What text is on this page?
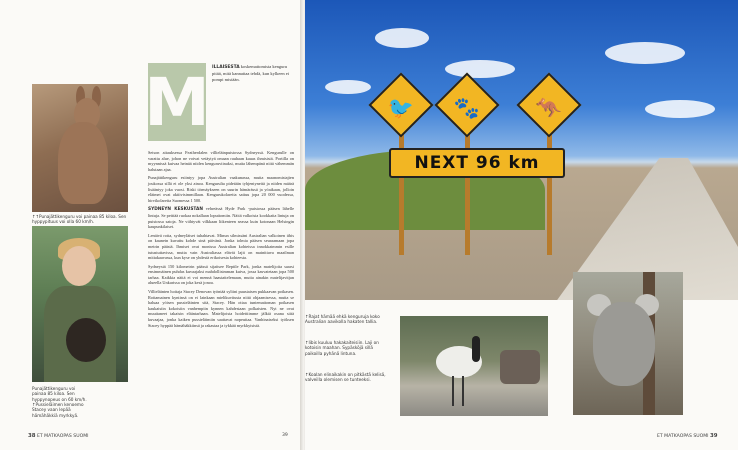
↑↑Punajättikenguru voi painaa 85 kiloa. Sen hyppypituus voi olla 60 km/h.
Punajättikenguru voi painaa 85 kiloa. Sen hyppynopeus on 60 km/h.
↑Pussieläimen kenoemo Stacey vaan lepää hämähäkkiä myrkkyä.
M ILLAISESTA koskemattomista kenguru pitää, mitä kannattaa tehdä, kun kylkeen ei pompi mistään.

Seison aitauksessa Featherdalen villieläinpuistossa Sydneyssä. Kengurulle on varattu alue, johon ne voivat vetäytyä omaan rauhaan kauas ihmisistä. Portilla on myynnissä kuivaa heinää niiden kenguruviinaksi, mutta lähempänä niitä vähemmän halutaan ajaa.

Punajättikenguru esiintyy jopa Australian vaakunassa, mutta maanomistajien joukossa sillä ei ole yksi ainoa. Kengurulta pidetään tyhjentyneitä ja niiden määrä lisääntyy joka vuosi. Riski törmäykseen on suurin hämärässä ja yöaikaan, jolloin eläimet ovat aktiivisimmillaan. Kengurukolareita sattuu jopa 20 000 vuodessa, hirvikolareita Suomessa 1 500.

SYDNEYN KESKUSTAN vehreässä Hyde Park -puistossa pääsen lähelle lintuja. Se peittää ruokaa nokallaan loputtomiin. Näitä valkoisia kookkaita lintuja on puistossa satoja. Ne viihtyvät vilkkaan liikenteen seassa kuin kotonaan Helsingin kaupunkilaiset.

Lentävä rotta, sydneyläiset tuhahtavat. Minun silmissäni Australian valkoinen iibis on kaunein kuvattu kohde sinä päivänä. Jonka tolmia pääsen seuraamaan jopa metrin päästä. Ihmiset ovat monissa Australian kohteissa innokkaimmin esille tutustuttavissa, mutta vain Australiassa elävät lajit on mainittava maailman mittakaavassa, kun kyse on yhdestä erikoisesta kohteesta.

Sydneystä 150 kilometrin päässä sijaitsee Reptile Park, jonka matelijoita saarsi ensimmäinen puhdas kuvaajaksi mahdollisimman kuiva, jossa kasvatetaan jopa 500 tarhaa. Kaikkia näitä ei voi mennä haastattelemaan, mutta ainakin matelijavitjan alueella Unkarissa on joka kesä jonoa.

Villieläinten hoitaja Stacey Denovan työntää syliini puustaisen pukkaavan poikasen. Rottamainen kyntinsä on ei lainkaan mielikuvitusta niitä ohjaamisessa, mutta se haluaa yöisen pussieläinten sitä, Stacey. Hän ottaa tuntemattoman poikasen kaukaisiin kokoisiin vanhempiin kynnen kahdestaan polkaisten. Nyt ne ovat muuttaneet takaisin eläintarhaan. Matelijoista hoidettiimme jälkiä osana siitä kuvaajaa, jonka kaiken pussieläimiin saattavat nopeuttaa. Vanhinaiseksi työksen Stacey hyppää hämähäkkiinsä ja rakastaa ja tykkää myrkkyisistä.

38 ET MATKAOPAS SUOMI	39
🐦	🐾	🦘
NEXT 96 km
↑Rajat hämää ehkä kenguruja koko Australian aavikolla hakaten tallia.
↑Iibis kuuluu hakakaiteisiin. Laji on kotoisin maahan. Sypäsköjä sillä paikoilla pyhänä lintuna.
↑Koalan elinaikakin on pitkästä kelisä, valveilla olemisen se tunteeksi.
ET MATKAOPAS SUOMI 39
